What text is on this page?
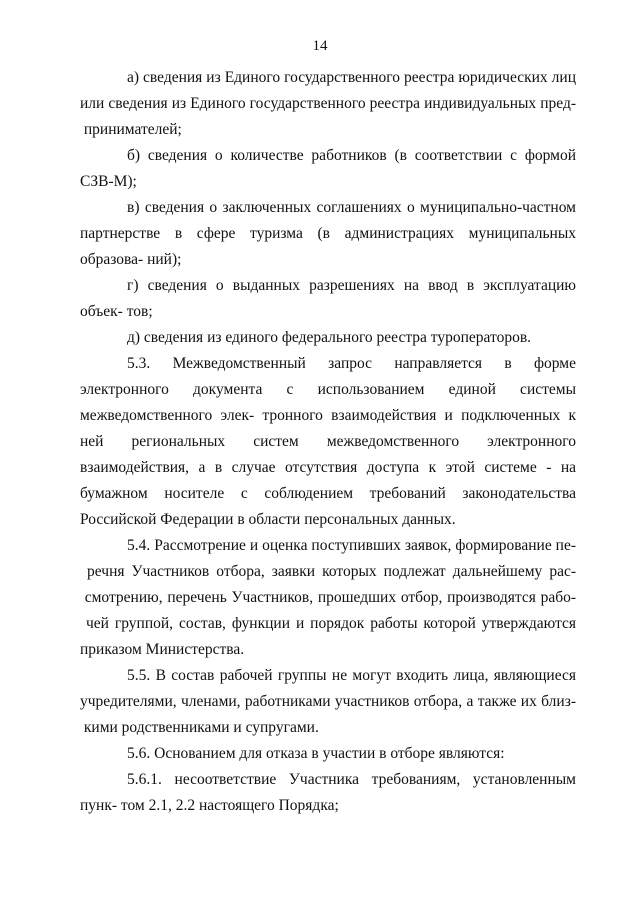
14

а) сведения из Единого государственного реестра юридических лиц или сведения из Единого государственного реестра индивидуальных пред- принимателей;

б) сведения о количестве работников (в соответствии с формой СЗВ-М);

в) сведения о заключенных соглашениях о муниципально-частном партнерстве в сфере туризма (в администрациях муниципальных образова- ний);

г) сведения о выданных разрешениях на ввод в эксплуатацию объек- тов;

д) сведения из единого федерального реестра туроператоров.

5.3. Межведомственный запрос направляется в форме электронного документа с использованием единой системы межведомственного элек- тронного взаимодействия и подключенных к ней региональных систем межведомственного электронного взаимодействия, а в случае отсутствия доступа к этой системе - на бумажном носителе с соблюдением требований законодательства Российской Федерации в области персональных данных.

5.4. Рассмотрение и оценка поступивших заявок, формирование пе- речня Участников отбора, заявки которых подлежат дальнейшему рас- смотрению, перечень Участников, прошедших отбор, производятся рабо- чей группой, состав, функции и порядок работы которой утверждаются приказом Министерства.

5.5. В состав рабочей группы не могут входить лица, являющиеся учредителями, членами, работниками участников отбора, а также их близ- кими родственниками и супругами.

5.6. Основанием для отказа в участии в отборе являются:

5.6.1. несоответствие Участника требованиям, установленным пунк- том 2.1, 2.2 настоящего Порядка;
